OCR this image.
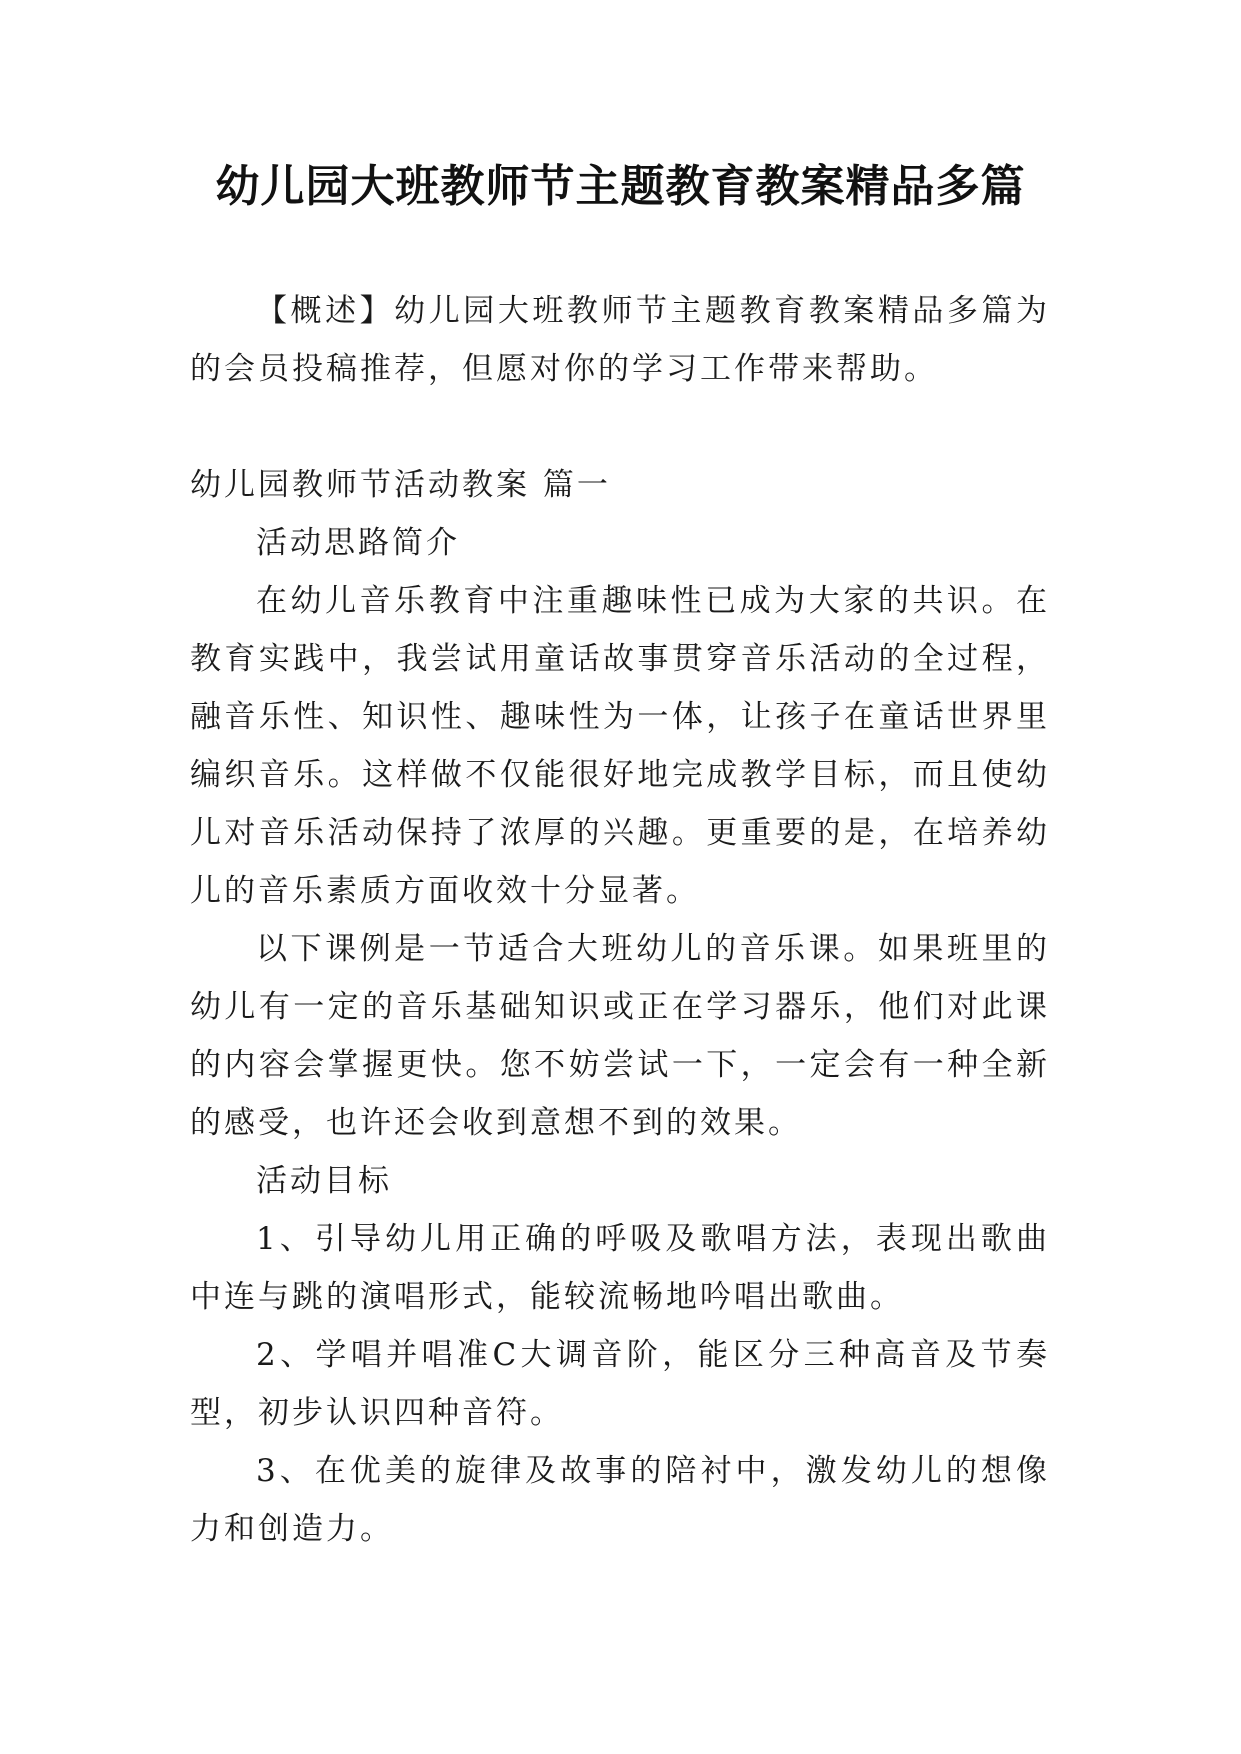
幼儿园大班教师节主题教育教案精品多篇

【概述】幼儿园大班教师节主题教育教案精品多篇为的会员投稿推荐，但愿对你的学习工作带来帮助。

幼儿园教师节活动教案 篇一

活动思路简介

在幼儿音乐教育中注重趣味性已成为大家的共识。在教育实践中，我尝试用童话故事贯穿音乐活动的全过程，融音乐性、知识性、趣味性为一体，让孩子在童话世界里编织音乐。这样做不仅能很好地完成教学目标，而且使幼儿对音乐活动保持了浓厚的兴趣。更重要的是，在培养幼儿的音乐素质方面收效十分显著。

以下课例是一节适合大班幼儿的音乐课。如果班里的幼儿有一定的音乐基础知识或正在学习器乐，他们对此课的内容会掌握更快。您不妨尝试一下，一定会有一种全新的感受，也许还会收到意想不到的效果。

活动目标

1、引导幼儿用正确的呼吸及歌唱方法，表现出歌曲中连与跳的演唱形式，能较流畅地吟唱出歌曲。

2、学唱并唱准C大调音阶，能区分三种高音及节奏型，初步认识四种音符。

3、在优美的旋律及故事的陪衬中，激发幼儿的想像力和创造力。
